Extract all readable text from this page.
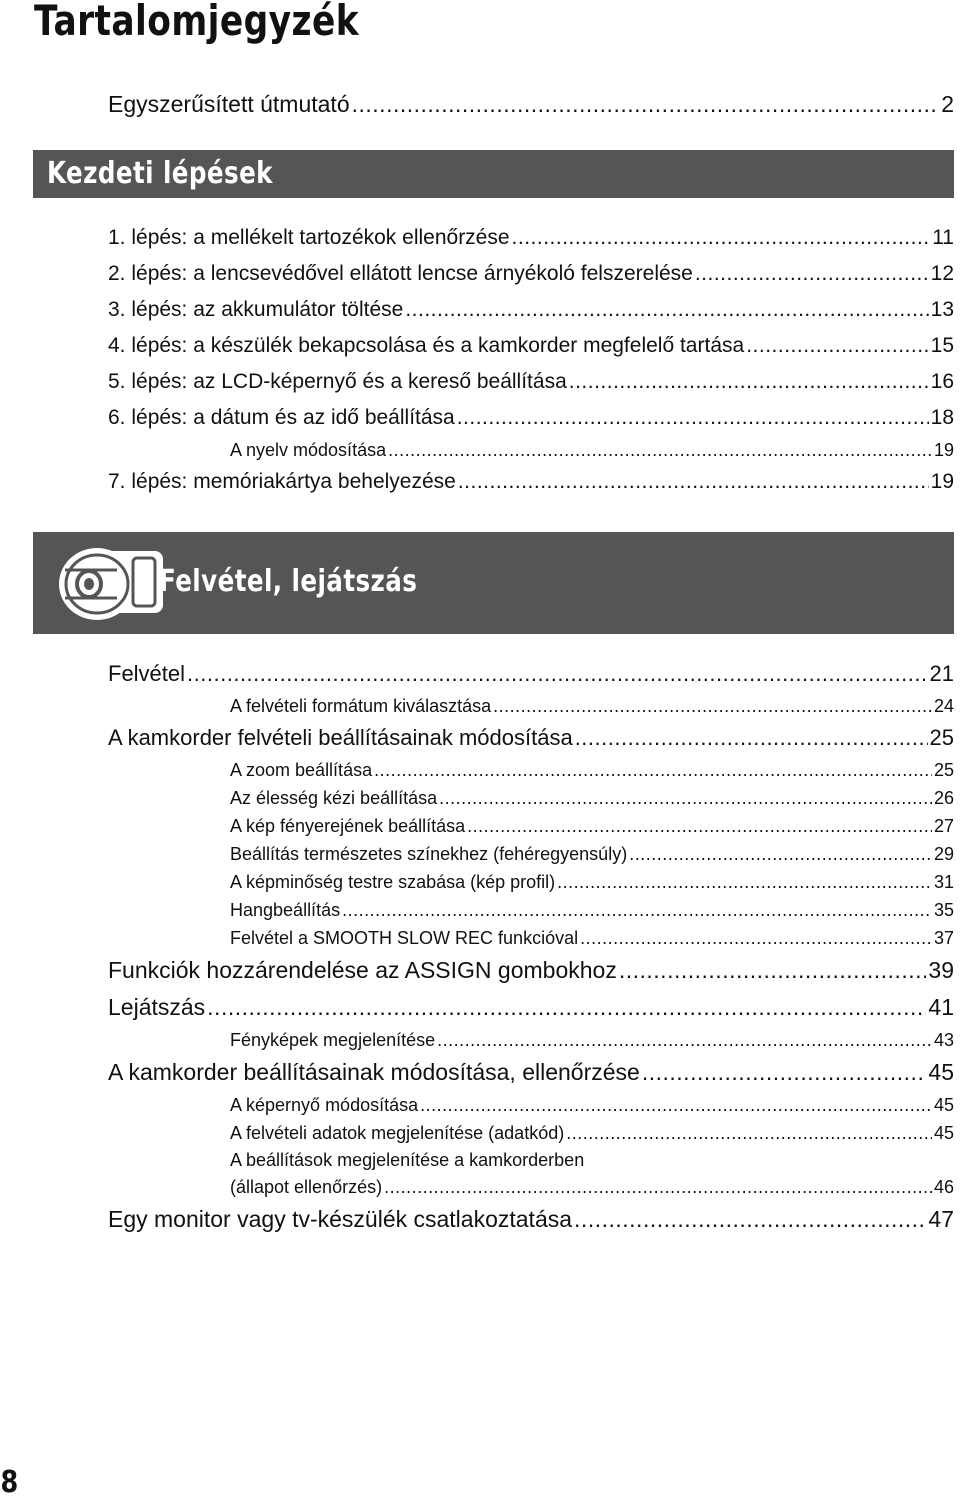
Tartalomjegyzék
Egyszerűsített útmutató .....	2
Kezdeti lépések
1. lépés: a mellékelt tartozékok ellenőrzése .....	11
2. lépés: a lencsevédővel ellátott lencse árnyékoló felszerelése .....	12
3. lépés: az akkumulátor töltése .....	13
4. lépés: a készülék bekapcsolása és a kamkorder megfelelő tartása .....	15
5. lépés: az LCD-képernyő és a kereső beállítása .....	16
6. lépés: a dátum és az idő beállítása .....	18
A nyelv módosítása .....	19
7. lépés: memóriakártya behelyezése .....	19
Felvétel, lejátszás
Felvétel .....	21
A felvételi formátum kiválasztása .....	24
A kamkorder felvételi beállításainak módosítása .....	25
A zoom beállítása .....	25
Az élesség kézi beállítása .....	26
A kép fényerejének beállítása .....	27
Beállítás természetes színekhez (fehéregyensúly) .....	29
A képminőség testre szabása (kép profil) .....	31
Hangbeállítás .....	35
Felvétel a SMOOTH SLOW REC funkcióval .....	37
Funkciók hozzárendelése az ASSIGN gombokhoz .....	39
Lejátszás .....	41
Fényképek megjelenítése .....	43
A kamkorder beállításainak módosítása, ellenőrzése .....	45
A képernyő módosítása .....	45
A felvételi adatok megjelenítése (adatkód) .....	45
A beállítások megjelenítése a kamkorderben
(állapot ellenőrzés) .....	46
Egy monitor vagy tv-készülék csatlakoztatása .....	47
8
